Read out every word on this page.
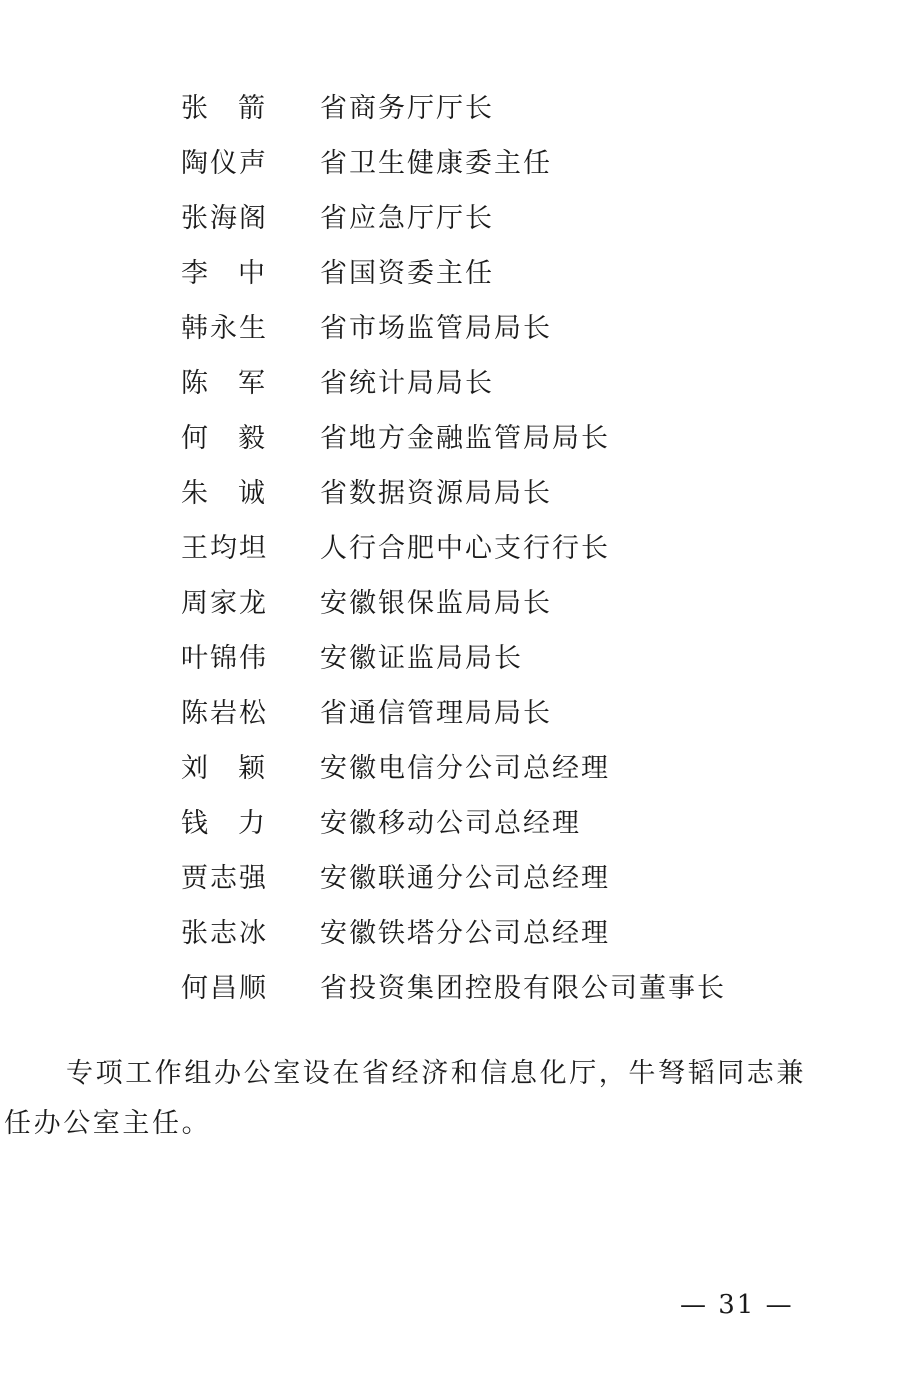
张 箭 省商务厅厅长
陶仪声 省卫生健康委主任
张海阁 省应急厅厅长
李 中 省国资委主任
韩永生 省市场监管局局长
陈 军 省统计局局长
何 毅 省地方金融监管局局长
朱 诚 省数据资源局局长
王均坦 人行合肥中心支行行长
周家龙 安徽银保监局局长
叶锦伟 安徽证监局局长
陈岩松 省通信管理局局长
刘 颖 安徽电信分公司总经理
钱 力 安徽移动公司总经理
贾志强 安徽联通分公司总经理
张志冰 安徽铁塔分公司总经理
何昌顺 省投资集团控股有限公司董事长

专项工作组办公室设在省经济和信息化厅，牛弩韬同志兼任办公室主任。

— 31 —
